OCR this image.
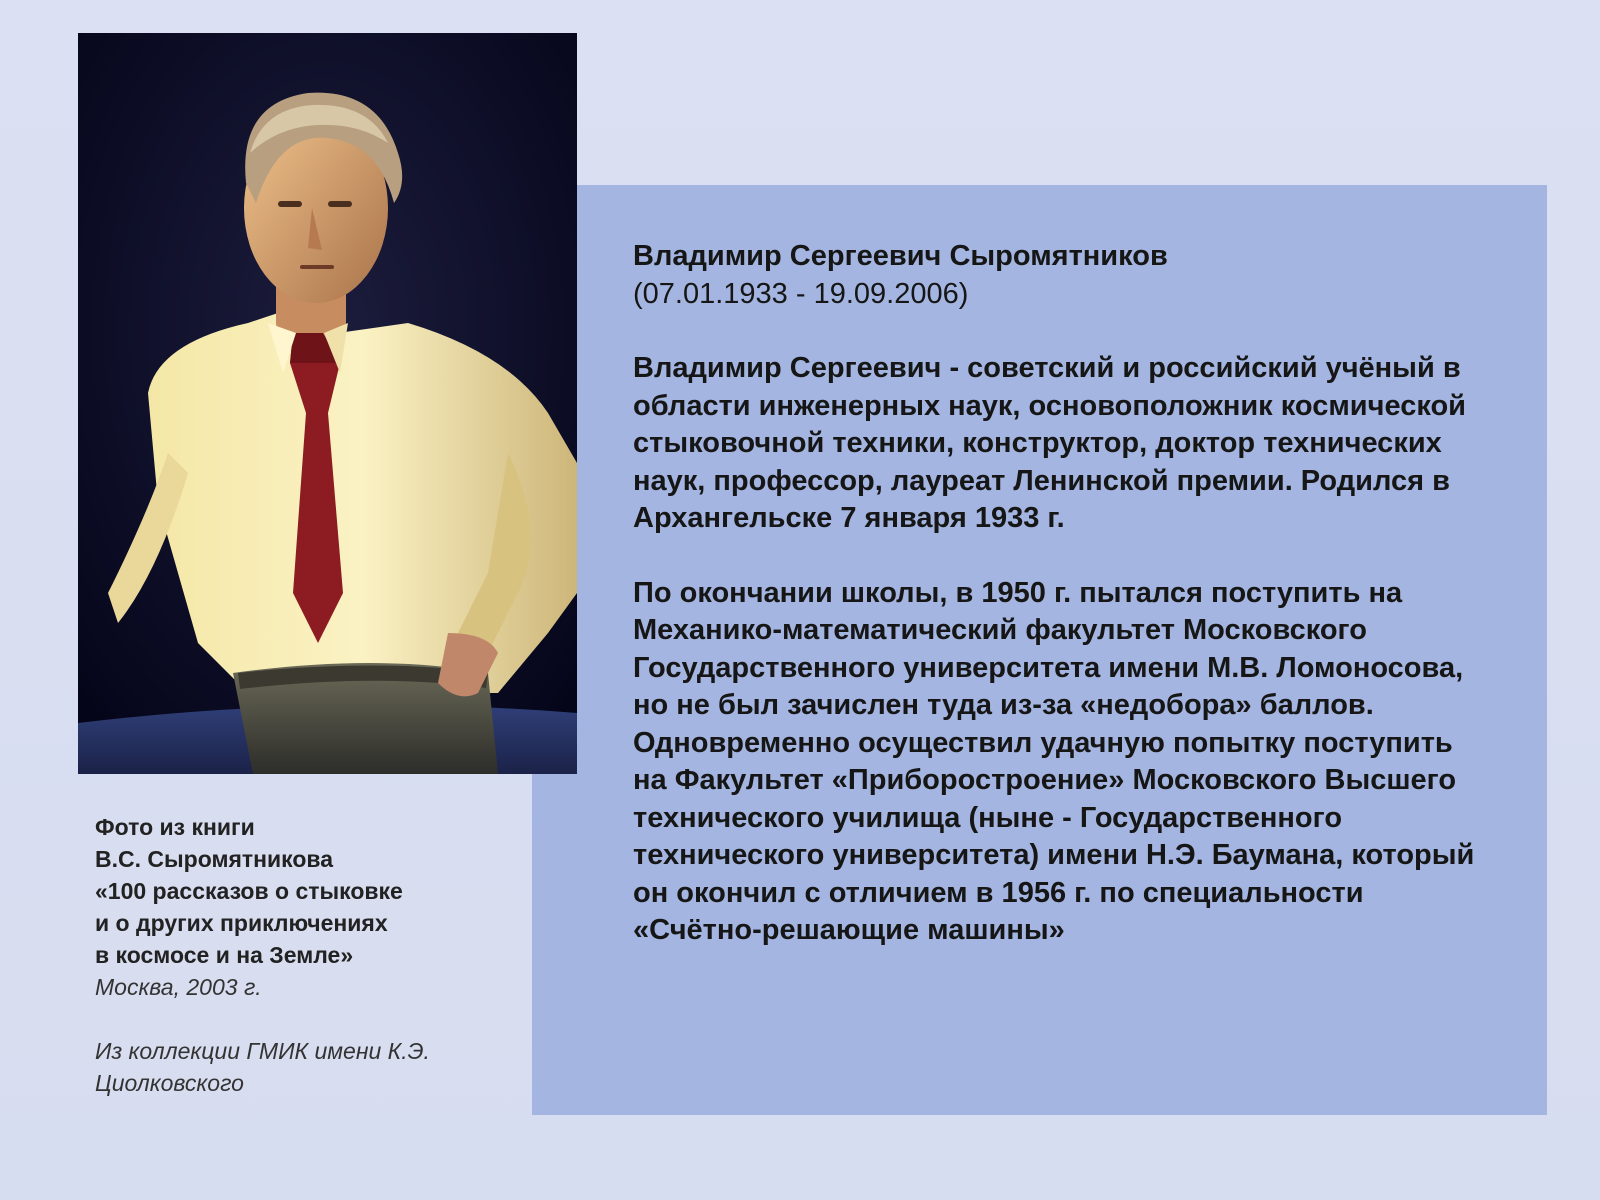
Владимир Сергеевич Сыромятников

(07.01.1933 - 19.09.2006)

Владимир Сергеевич - советский и российский учёный в области инженерных наук, основоположник космической стыковочной техники, конструктор, доктор технических наук, профессор, лауреат Ленинской премии. Родился в Архангельске 7 января 1933 г.

По окончании школы, в 1950 г. пытался поступить на Механико-математический факультет Московского Государственного университета имени М.В. Ломоносова, но не был зачислен туда из-за «недобора» баллов. Одновременно осуществил удачную попытку поступить на Факультет «Приборостроение» Московского Высшего технического училища (ныне - Государственного технического университета) имени Н.Э. Баумана, который он окончил с отличием в 1956 г. по специальности «Счётно-решающие машины»

Фото из книги
В.С. Сыромятникова
«100 рассказов о стыковке
и о других приключениях
в космосе и на Земле»
Москва, 2003 г.
Из коллекции ГМИК имени К.Э. Циолковского
